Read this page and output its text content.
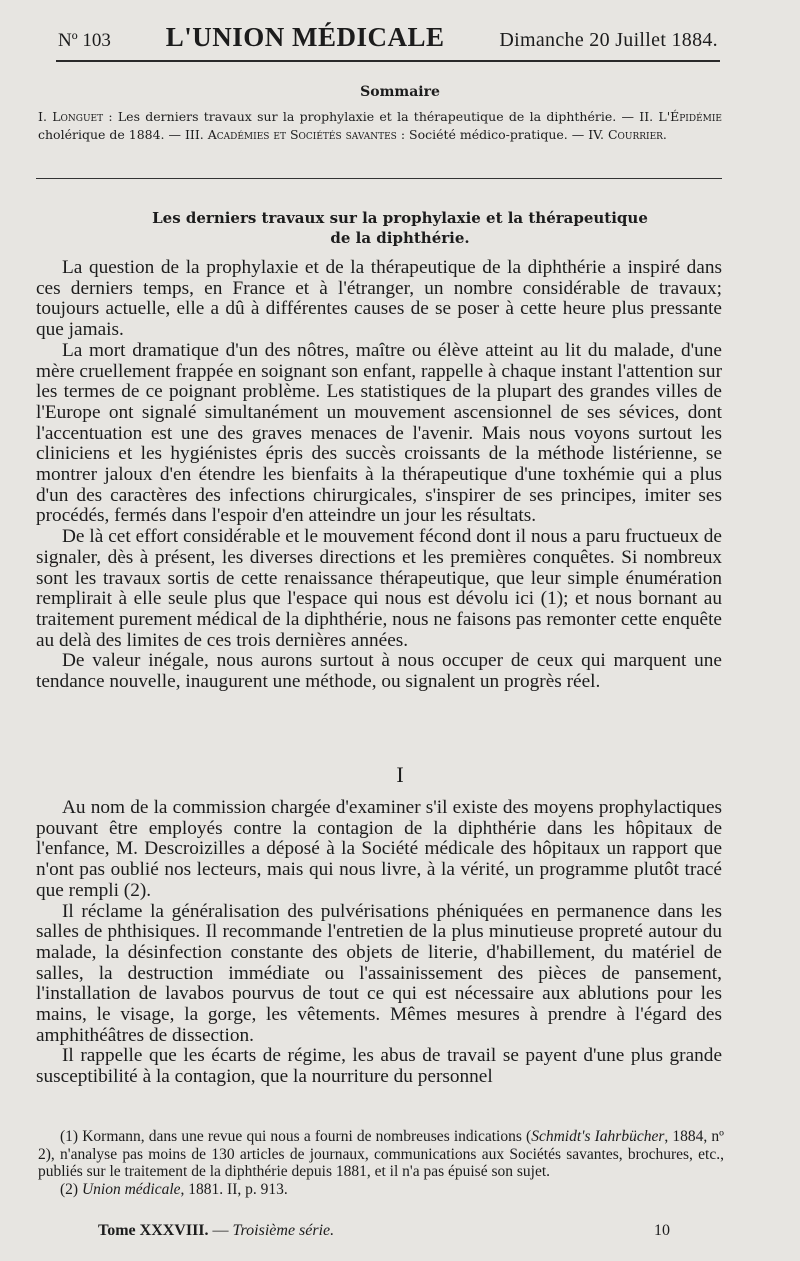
Nº 103 L'UNION MÉDICALE	Dimanche 20 Juillet 1884.
Sommaire
I. Longuet : Les derniers travaux sur la prophylaxie et la thérapeutique de la diphthérie. — II. L'Épidémie cholérique de 1884. — III. Académies et Sociétés savantes : Société médico-pratique. — IV. Courrier.
Les derniers travaux sur la prophylaxie et la thérapeutique
de la diphthérie.

La question de la prophylaxie et de la thérapeutique de la diphthérie a inspiré dans ces derniers temps, en France et à l'étranger, un nombre considérable de travaux; toujours actuelle, elle a dû à différentes causes de se poser à cette heure plus pressante que jamais.

La mort dramatique d'un des nôtres, maître ou élève atteint au lit du malade, d'une mère cruellement frappée en soignant son enfant, rappelle à chaque instant l'attention sur les termes de ce poignant problème. Les statistiques de la plupart des grandes villes de l'Europe ont signalé simultanément un mouvement ascensionnel de ses sévices, dont l'accentuation est une des graves menaces de l'avenir. Mais nous voyons surtout les cliniciens et les hygiénistes épris des succès croissants de la méthode listérienne, se montrer jaloux d'en étendre les bienfaits à la thérapeutique d'une toxhémie qui a plus d'un des caractères des infections chirurgicales, s'inspirer de ses principes, imiter ses procédés, fermés dans l'espoir d'en atteindre un jour les résultats.

De là cet effort considérable et le mouvement fécond dont il nous a paru fructueux de signaler, dès à présent, les diverses directions et les premières conquêtes. Si nombreux sont les travaux sortis de cette renaissance thérapeutique, que leur simple énumération remplirait à elle seule plus que l'espace qui nous est dévolu ici (1); et nous bornant au traitement purement médical de la diphthérie, nous ne faisons pas remonter cette enquête au delà des limites de ces trois dernières années.

De valeur inégale, nous aurons surtout à nous occuper de ceux qui marquent une tendance nouvelle, inaugurent une méthode, ou signalent un progrès réel.

I

Au nom de la commission chargée d'examiner s'il existe des moyens prophylactiques pouvant être employés contre la contagion de la diphthérie dans les hôpitaux de l'enfance, M. Descroizilles a déposé à la Société médicale des hôpitaux un rapport que n'ont pas oublié nos lecteurs, mais qui nous livre, à la vérité, un programme plutôt tracé que rempli (2).

Il réclame la généralisation des pulvérisations phéniquées en permanence dans les salles de phthisiques. Il recommande l'entretien de la plus minutieuse propreté autour du malade, la désinfection constante des objets de literie, d'habillement, du matériel de salles, la destruction immédiate ou l'assainissement des pièces de pansement, l'installation de lavabos pourvus de tout ce qui est nécessaire aux ablutions pour les mains, le visage, la gorge, les vêtements. Mêmes mesures à prendre à l'égard des amphithéâtres de dissection.

Il rappelle que les écarts de régime, les abus de travail se payent d'une plus grande susceptibilité à la contagion, que la nourriture du personnel

(1) Kormann, dans une revue qui nous a fourni de nombreuses indications (Schmidt's Iahrbücher, 1884, nº 2), n'analyse pas moins de 130 articles de journaux, communications aux Sociétés savantes, brochures, etc., publiés sur le traitement de la diphthérie depuis 1881, et il n'a pas épuisé son sujet.

(2) Union médicale, 1881. II, p. 913.

Tome XXXVIII. — Troisième série.	10
